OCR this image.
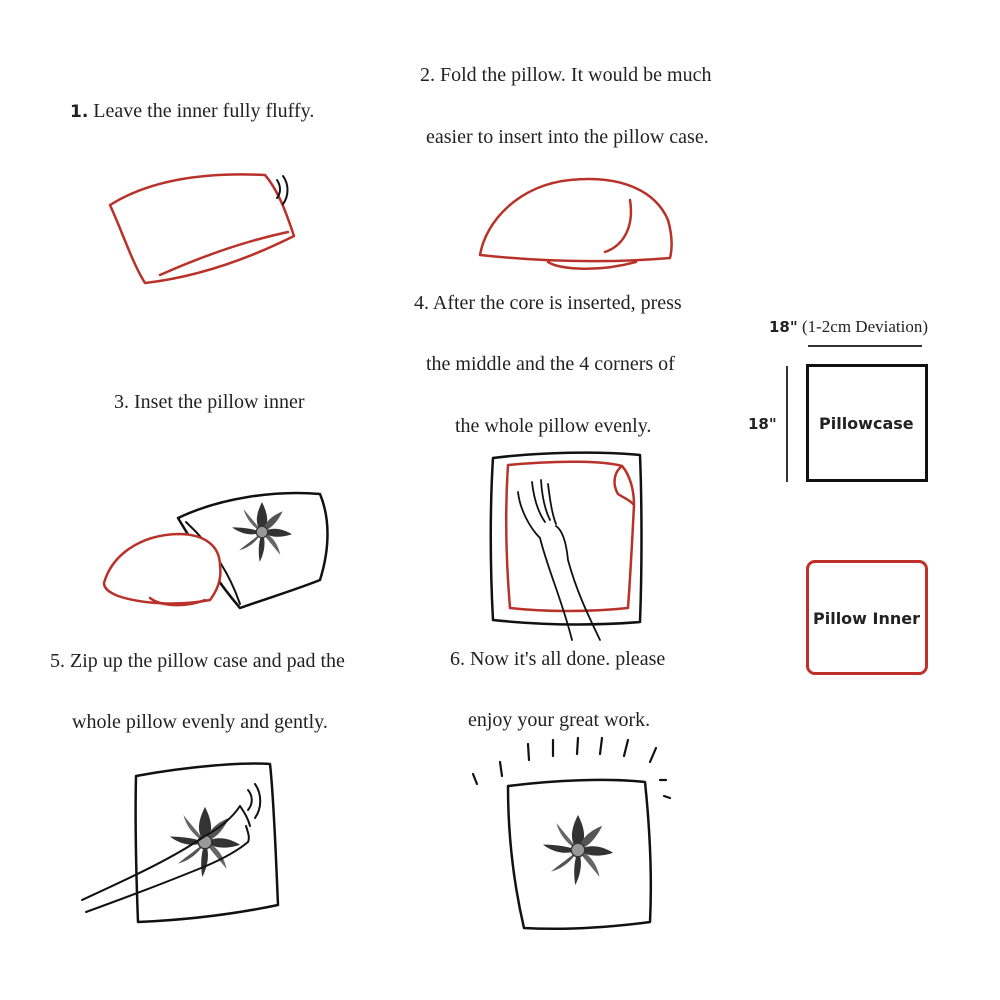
1. Leave the inner fully fluffy.
2. Fold the pillow. It would be much
easier to insert into the pillow case.
3. Inset the pillow inner
4. After the core is inserted, press
the middle and the 4 corners of
the whole pillow evenly.
5. Zip up the pillow case and pad the
whole pillow evenly and gently.
6. Now it's all done. please
enjoy your great work.
18" (1-2cm Deviation)
18"	Pillowcase
Pillow Inner
